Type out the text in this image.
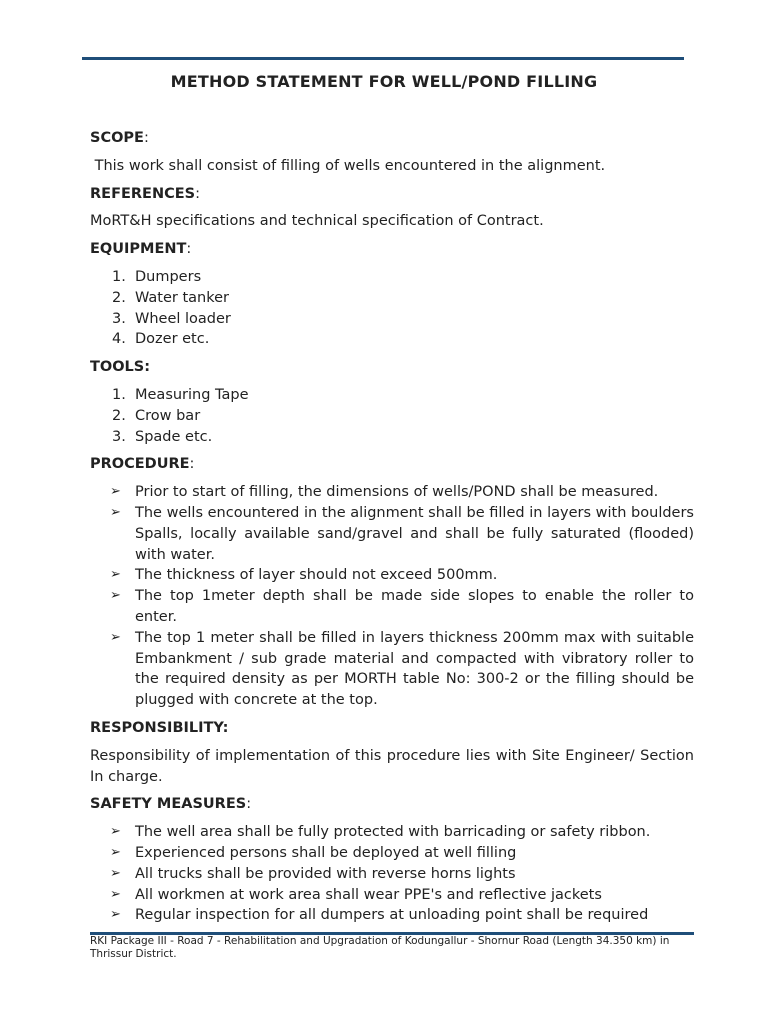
METHOD STATEMENT FOR WELL/POND FILLING

SCOPE:

This work shall consist of filling of wells encountered in the alignment.

REFERENCES:

MoRT&H specifications and technical specification of Contract.

EQUIPMENT:

1. Dumpers
2. Water tanker
3. Wheel loader
4. Dozer etc.

TOOLS:

1. Measuring Tape
2. Crow bar
3. Spade etc.

PROCEDURE:

➢ Prior to start of filling, the dimensions of wells/POND shall be measured.
➢ The wells encountered in the alignment shall be filled in layers with boulders Spalls, locally available sand/gravel and shall be fully saturated (flooded) with water.
➢ The thickness of layer should not exceed 500mm.
➢ The top 1meter depth shall be made side slopes to enable the roller to enter.
➢ The top 1 meter shall be filled in layers thickness 200mm max with suitable Embankment / sub grade material and compacted with vibratory roller to the required density as per MORTH table No: 300-2 or the filling should be plugged with concrete at the top.

RESPONSIBILITY:

Responsibility of implementation of this procedure lies with Site Engineer/ Section In charge.

SAFETY MEASURES:

➢ The well area shall be fully protected with barricading or safety ribbon.
➢ Experienced persons shall be deployed at well filling
➢ All trucks shall be provided with reverse horns lights
➢ All workmen at work area shall wear PPE's and reflective jackets
➢ Regular inspection for all dumpers at unloading point shall be required
RKI Package III - Road 7 - Rehabilitation and Upgradation of Kodungallur - Shornur Road (Length 34.350 km) in Thrissur District.
